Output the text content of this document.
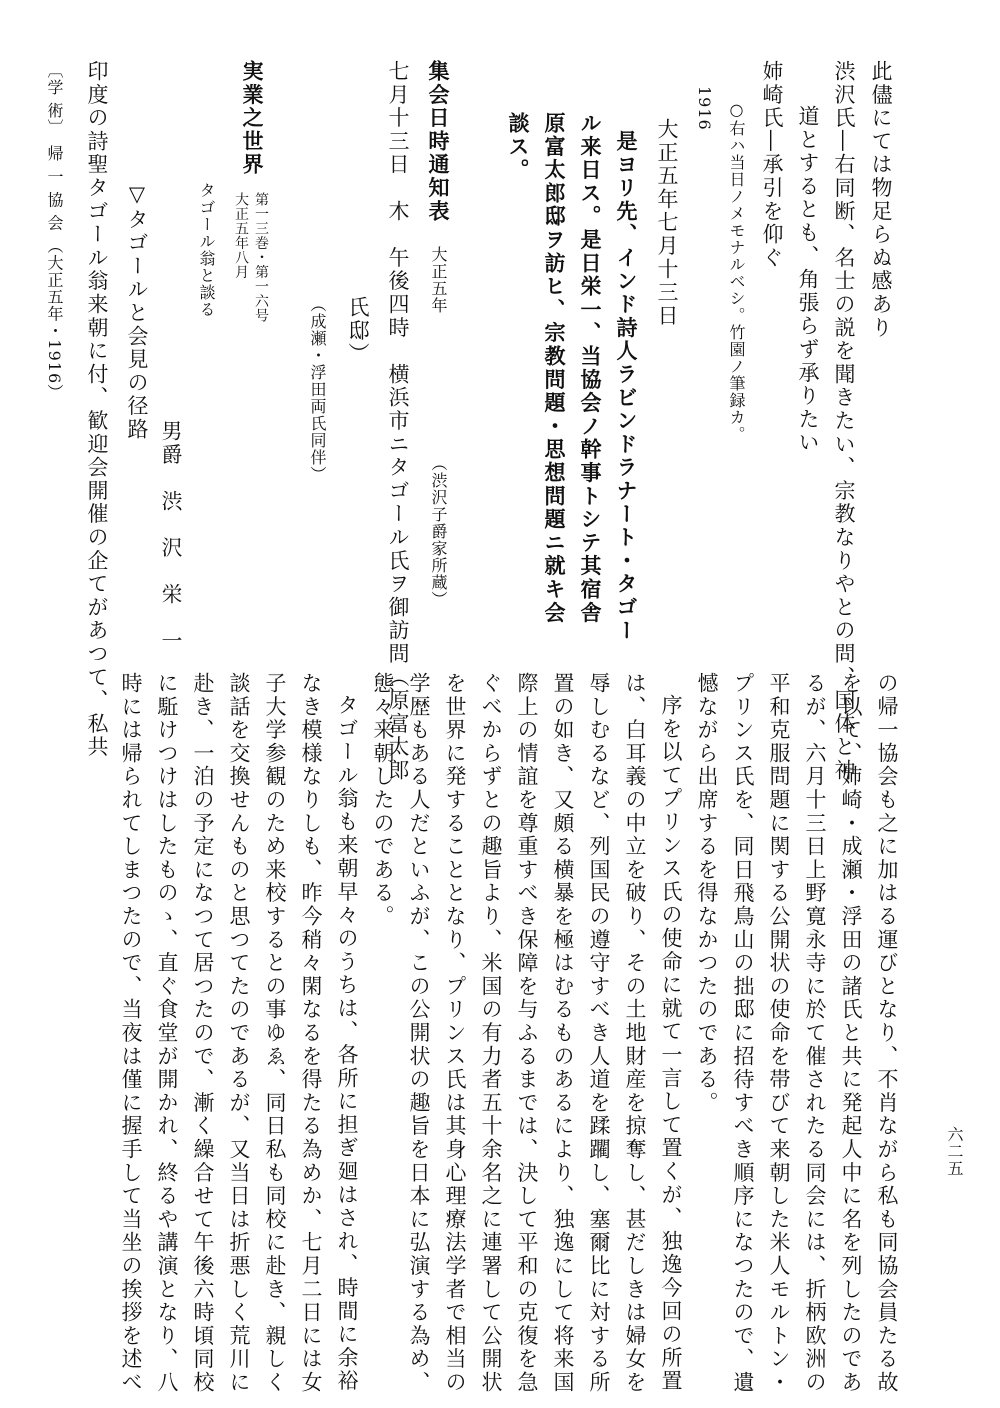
此儘にては物足らぬ感あり
渋沢氏―右同断、名士の説を聞きたい、宗教なりやとの問、国体と神
道とするとも、角張らず承りたい
姉崎氏―承引を仰ぐ
○右ハ当日ノメモナルベシ。竹園ノ筆録カ。
1916
大正五年七月十三日
是ヨリ先、インド詩人ラビンドラナート・タゴー
ル来日ス。是日栄一、当協会ノ幹事トシテ其宿舎
原富太郎邸ヲ訪ヒ、宗教問題・思想問題ニ就キ会
談ス。
集会日時通知表
大正五年
（渋沢子爵家所蔵）
七月十三日　木　午後四時　横浜市ニタゴール氏ヲ御訪問（原富太郎
氏邸）
（成瀬・浮田両氏同伴）
実業之世界
第一三巻・第一六号
大正五年八月
タゴール翁と談る
男爵　渋　沢　栄　一
▽タゴールと会見の径路
印度の詩聖タゴール翁来朝に付、歓迎会開催の企てがあつて、私共
〔学 術〕　帰 一 協 会 （大正五年・1916）
六二五
の帰一協会も之に加はる運びとなり、不肖ながら私も同協会員たる故
を以て、姉崎・成瀬・浮田の諸氏と共に発起人中に名を列したのであ
るが、六月十三日上野寛永寺に於て催されたる同会には、折柄欧洲の
平和克服問題に関する公開状の使命を帯びて来朝した米人モルトン・
プリンス氏を、同日飛鳥山の拙邸に招待すべき順序になつたので、遺
憾ながら出席するを得なかつたのである。
序を以てプリンス氏の使命に就て一言して置くが、独逸今回の所置
は、白耳義の中立を破り、その土地財産を掠奪し、甚だしきは婦女を
辱しむるなど、列国民の遵守すべき人道を蹂躙し、塞爾比に対する所
置の如き、又頗る横暴を極はむるものあるにより、独逸にして将来国
際上の情誼を尊重すべき保障を与ふるまでは、決して平和の克復を急
ぐべからずとの趣旨より、米国の有力者五十余名之に連署して公開状
を世界に発することとなり、プリンス氏は其身心理療法学者で相当の
学歴もある人だといふが、この公開状の趣旨を日本に弘演する為め、
態々来朝したのである。
タゴール翁も来朝早々のうちは、各所に担ぎ廻はされ、時間に余裕
なき模様なりしも、昨今稍々閑なるを得たる為めか、七月二日には女
子大学参観のため来校するとの事ゆゑ、同日私も同校に赴き、親しく
談話を交換せんものと思つてたのであるが、又当日は折悪しく荒川に
赴き、一泊の予定になつて居つたので、漸く繰合せて午後六時頃同校
に駈けつけはしたものゝ、直ぐ食堂が開かれ、終るや講演となり、八
時には帰られてしまつたので、当夜は僅に握手して当坐の挨拶を述べ
